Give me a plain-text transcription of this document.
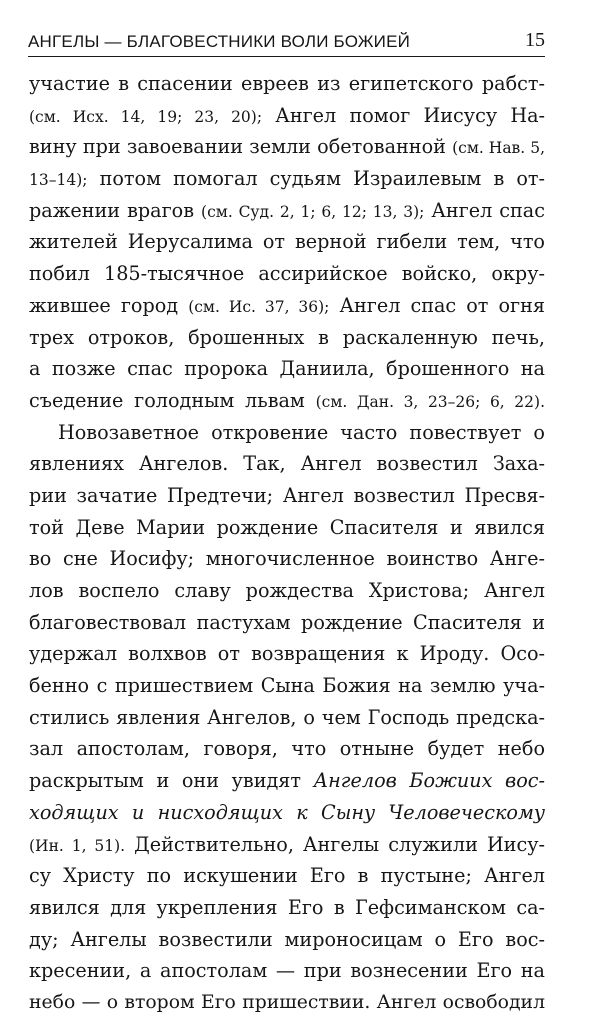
АНГЕЛЫ — БЛАГОВЕСТНИКИ ВОЛИ БОЖИЕЙ	15
участие в спасении евреев из египетского рабст-
(см. Исх. 14, 19; 23, 20); Ангел помог Иисусу На-
вину при завоевании земли обетованной (см. Нав. 5,
13–14); потом помогал судьям Израилевым в от-
ражении врагов (см. Суд. 2, 1; 6, 12; 13, 3); Ангел спас
жителей Иерусалима от верной гибели тем, что
побил 185-тысячное ассирийское войско, окру-
жившее город (см. Ис. 37, 36); Ангел спас от огня
трех отроков, брошенных в раскаленную печь,
а позже спас пророка Даниила, брошенного на
съедение голодным львам (см. Дан. 3, 23–26; 6, 22).
Новозаветное откровение часто повествует о
явлениях Ангелов. Так, Ангел возвестил Заха-
рии зачатие Предтечи; Ангел возвестил Пресвя-
той Деве Марии рождение Спасителя и явился
во сне Иосифу; многочисленное воинство Анге-
лов воспело славу рождества Христова; Ангел
благовествовал пастухам рождение Спасителя и
удержал волхвов от возвращения к Ироду. Осо-
бенно с пришествием Сына Божия на землю уча-
стились явления Ангелов, о чем Господь предска-
зал апостолам, говоря, что отныне будет небо
раскрытым и они увидят Ангелов Божиих вос-
ходящих и нисходящих к Сыну Человеческому
(Ин. 1, 51). Действительно, Ангелы служили Иису-
су Христу по искушении Его в пустыне; Ангел
явился для укрепления Его в Гефсиманском са-
ду; Ангелы возвестили мироносицам о Его вос-
кресении, а апостолам — при вознесении Его на
небо — о втором Его пришествии. Ангел освободил
